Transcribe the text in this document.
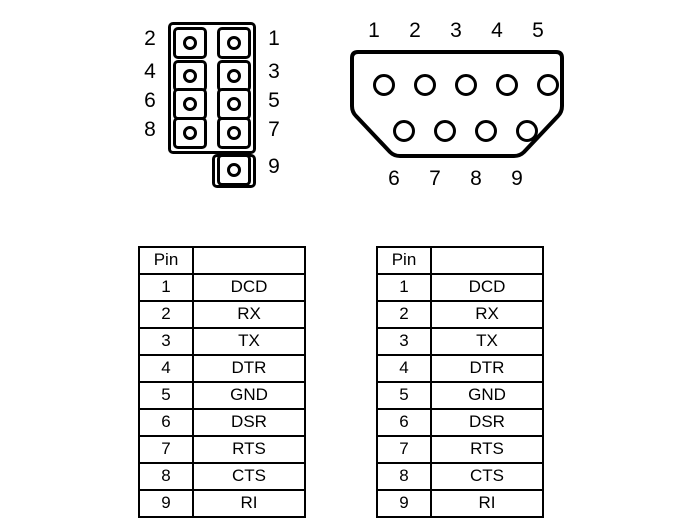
2
4
6
8
1
3
5
7
9
1 2 3 4 5
6 7 8 9
Pin	
1	DCD
2	RX
3	TX
4	DTR
5	GND
6	DSR
7	RTS
8	CTS
9	RI
Pin	
1	DCD
2	RX
3	TX
4	DTR
5	GND
6	DSR
7	RTS
8	CTS
9	RI
